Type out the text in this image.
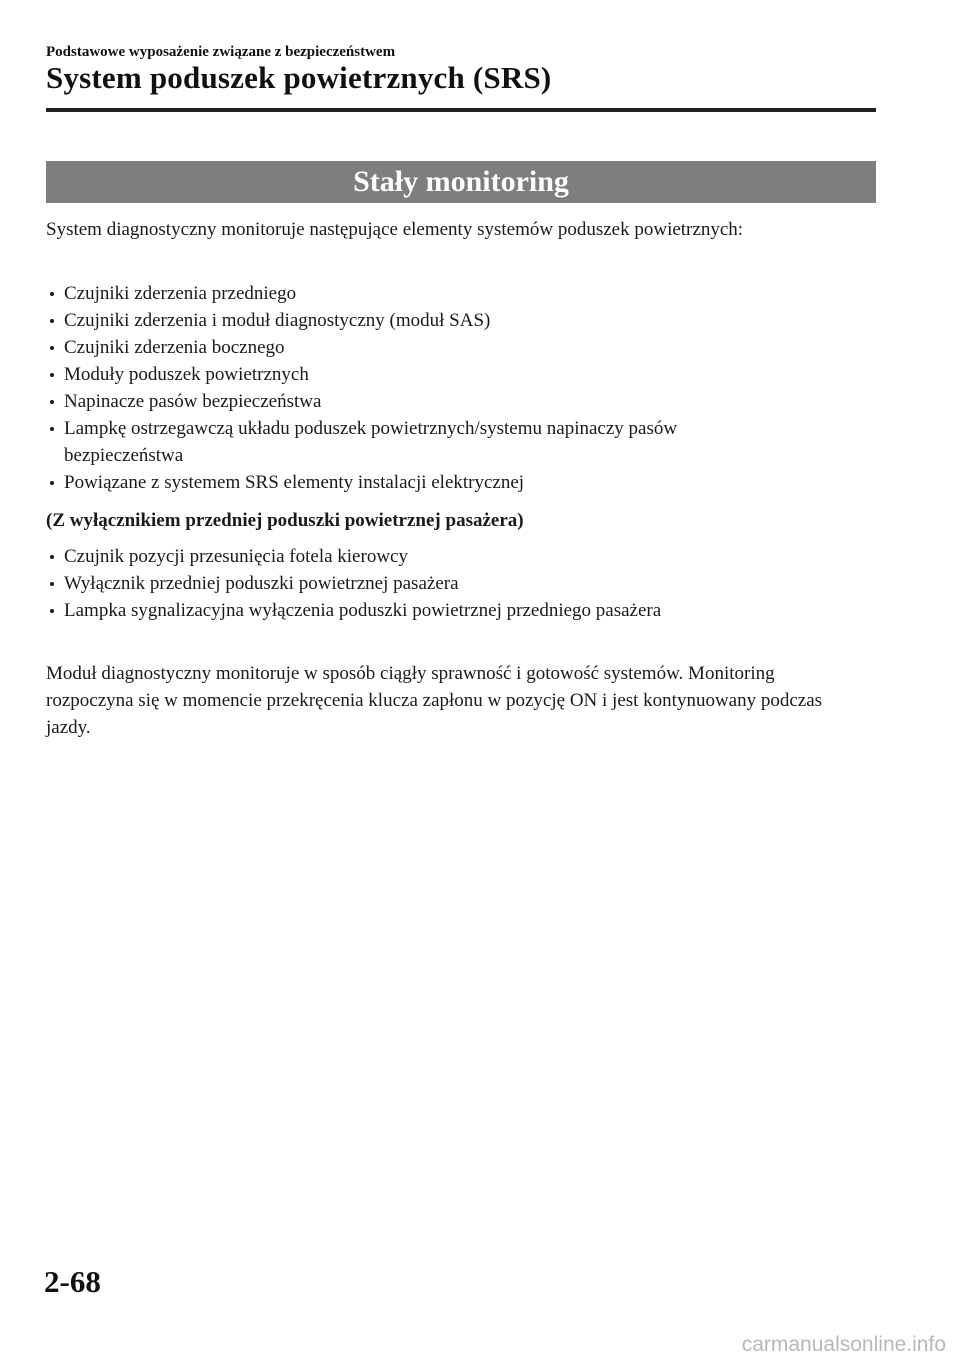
Podstawowe wyposażenie związane z bezpieczeństwem
System poduszek powietrznych (SRS)
Stały monitoring
System diagnostyczny monitoruje następujące elementy systemów poduszek powietrznych:
Czujniki zderzenia przedniego
Czujniki zderzenia i moduł diagnostyczny (moduł SAS)
Czujniki zderzenia bocznego
Moduły poduszek powietrznych
Napinacze pasów bezpieczeństwa
Lampkę ostrzegawczą układu poduszek powietrznych/systemu napinaczy pasów bezpieczeństwa
Powiązane z systemem SRS elementy instalacji elektrycznej
(Z wyłącznikiem przedniej poduszki powietrznej pasażera)
Czujnik pozycji przesunięcia fotela kierowcy
Wyłącznik przedniej poduszki powietrznej pasażera
Lampka sygnalizacyjna wyłączenia poduszki powietrznej przedniego pasażera
Moduł diagnostyczny monitoruje w sposób ciągły sprawność i gotowość systemów. Monitoring rozpoczyna się w momencie przekręcenia klucza zapłonu w pozycję ON i jest kontynuowany podczas jazdy.
2-68
carmanualsonline.info
